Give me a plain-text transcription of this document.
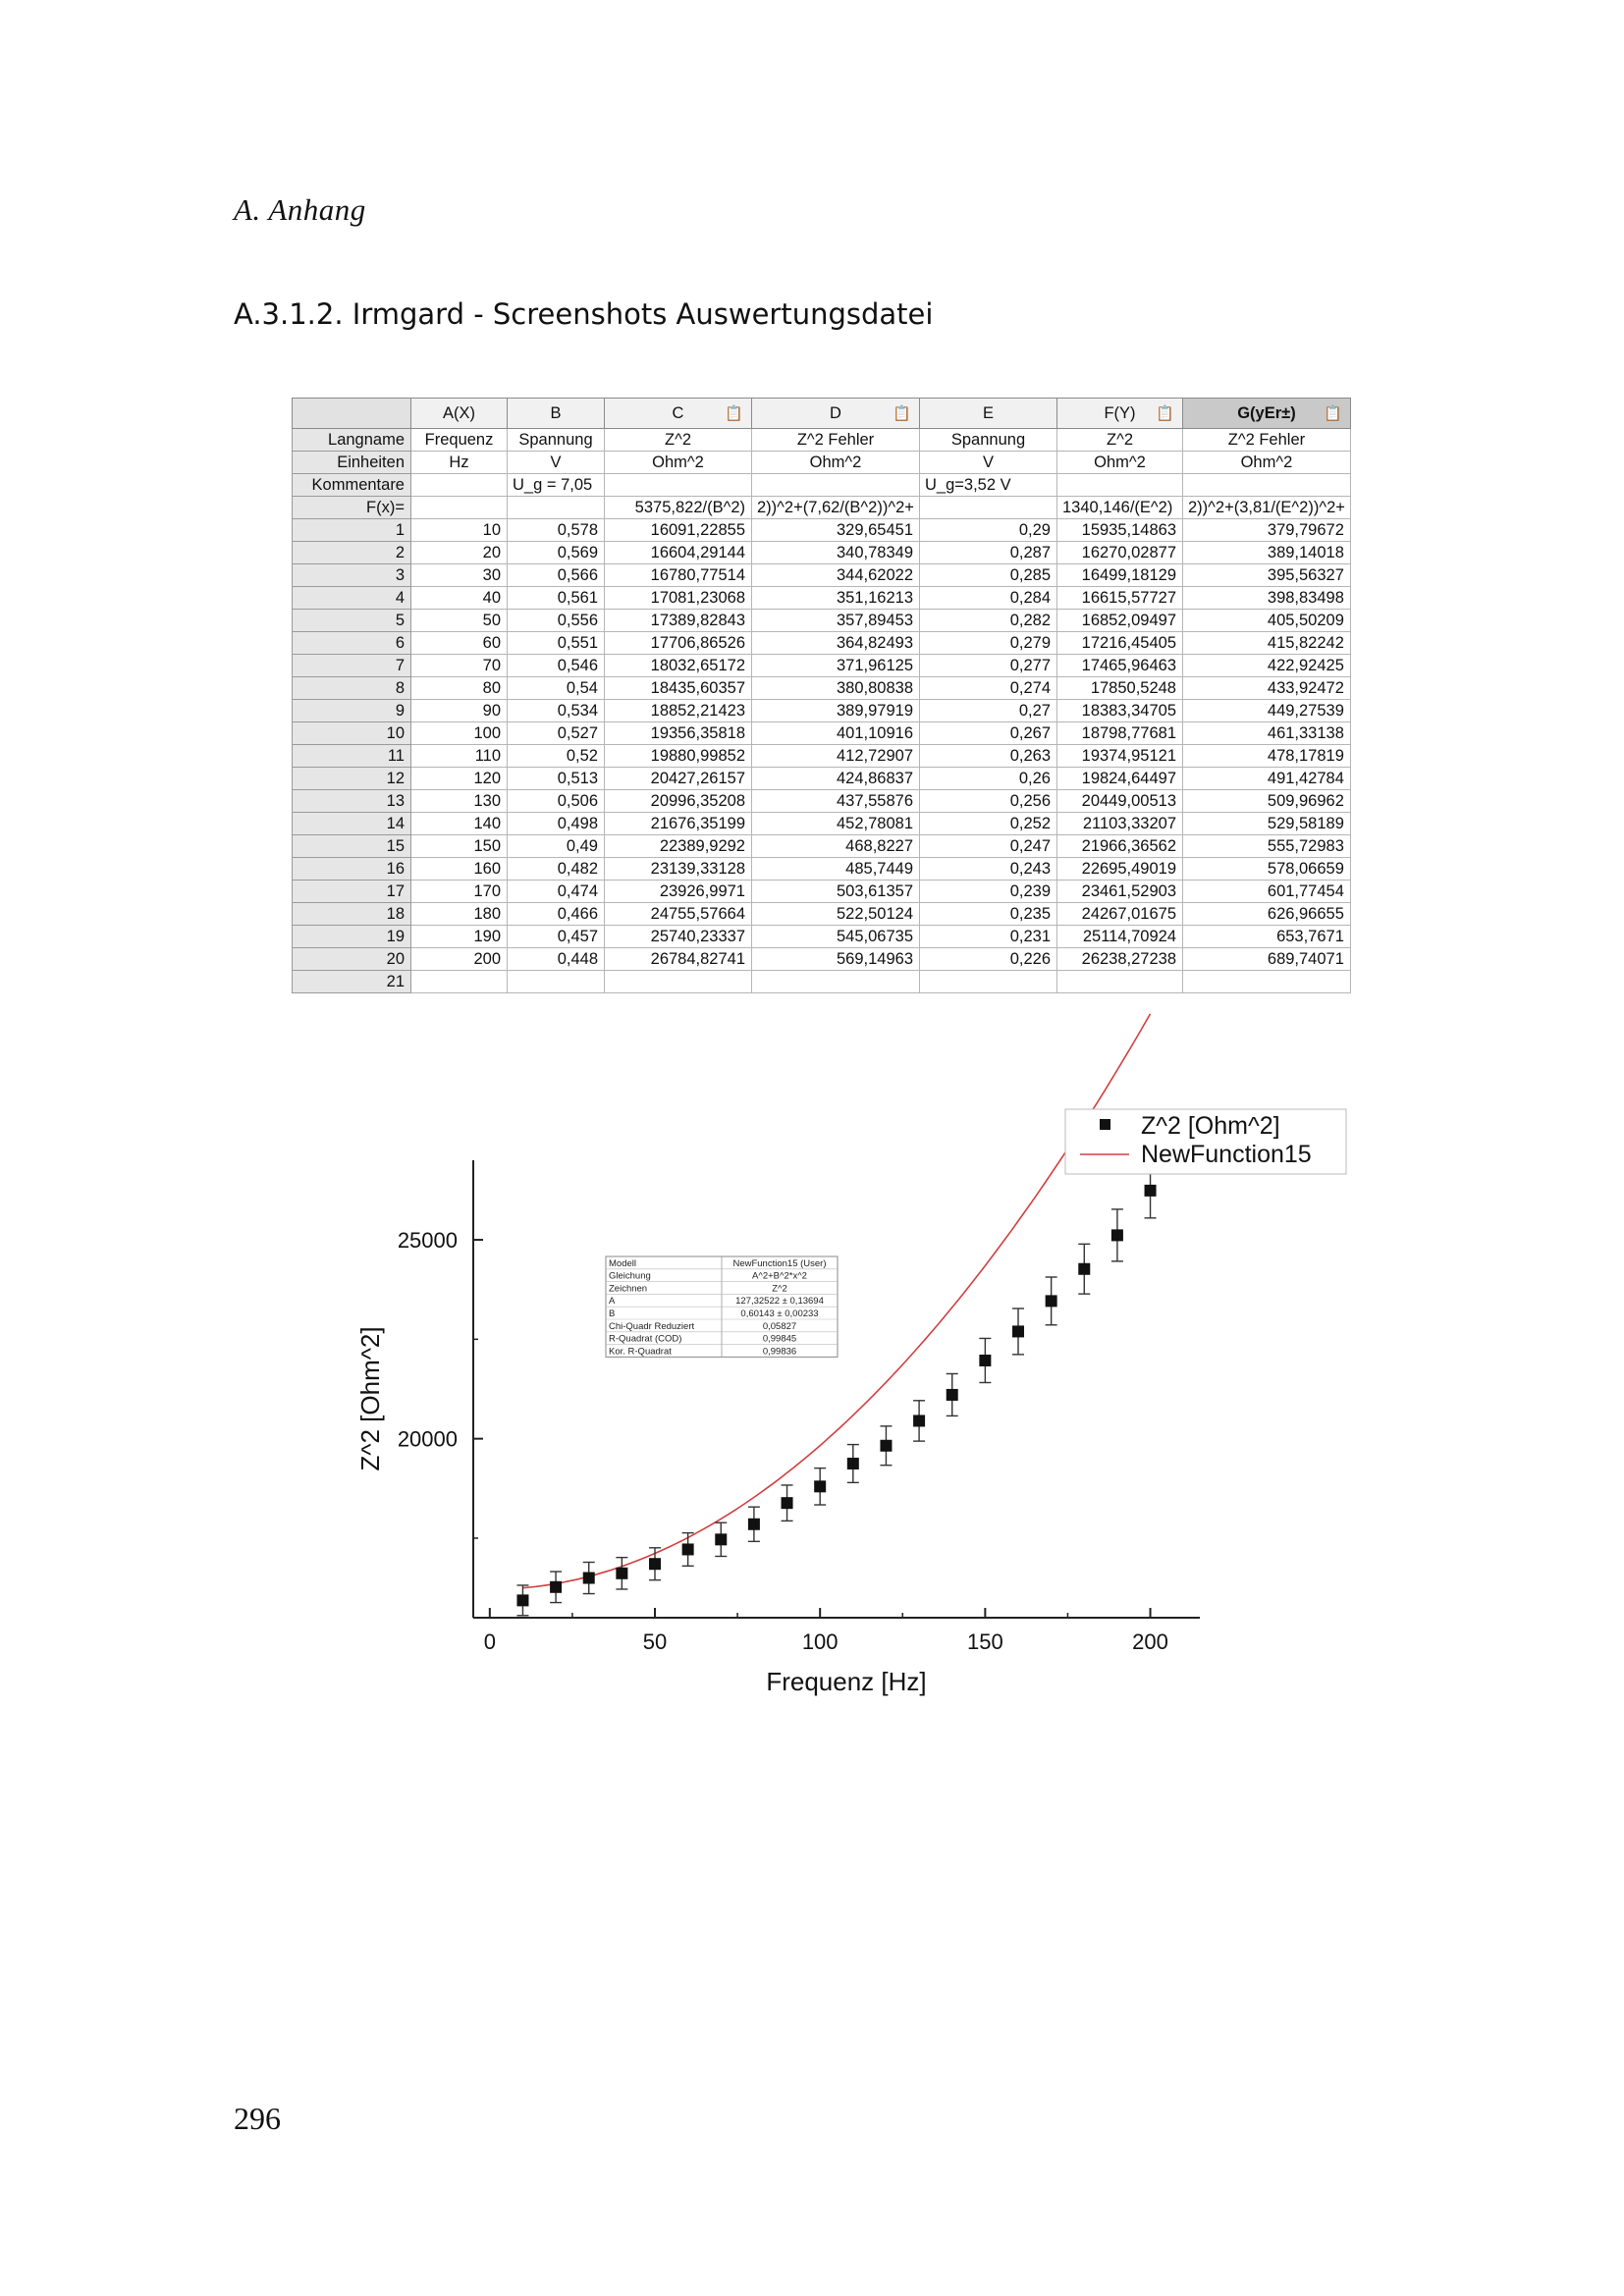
A. Anhang
A.3.1.2. Irmgard - Screenshots Auswertungsdatei
	A(X)	B	C 📋	D 📋	E	F(Y) 📋	G(yEr±) 📋

Langname	Frequenz	Spannung	Z^2	Z^2 Fehler	Spannung	Z^2	Z^2 Fehler
Einheiten	Hz	V	Ohm^2	Ohm^2	V	Ohm^2	Ohm^2
Kommentare		U_g = 7,05			U_g=3,52 V		
F(x)=			5375,822/(B^2)	2))^2+(7,62/(B^2))^2+		1340,146/(E^2)	2))^2+(3,81/(E^2))^2+
1	10	0,578	16091,22855	329,65451	0,29	15935,14863	379,79672
2	20	0,569	16604,29144	340,78349	0,287	16270,02877	389,14018
3	30	0,566	16780,77514	344,62022	0,285	16499,18129	395,56327
4	40	0,561	17081,23068	351,16213	0,284	16615,57727	398,83498
5	50	0,556	17389,82843	357,89453	0,282	16852,09497	405,50209
6	60	0,551	17706,86526	364,82493	0,279	17216,45405	415,82242
7	70	0,546	18032,65172	371,96125	0,277	17465,96463	422,92425
8	80	0,54	18435,60357	380,80838	0,274	17850,5248	433,92472
9	90	0,534	18852,21423	389,97919	0,27	18383,34705	449,27539
10	100	0,527	19356,35818	401,10916	0,267	18798,77681	461,33138
11	110	0,52	19880,99852	412,72907	0,263	19374,95121	478,17819
12	120	0,513	20427,26157	424,86837	0,26	19824,64497	491,42784
13	130	0,506	20996,35208	437,55876	0,256	20449,00513	509,96962
14	140	0,498	21676,35199	452,78081	0,252	21103,33207	529,58189
15	150	0,49	22389,9292	468,8227	0,247	21966,36562	555,72983
16	160	0,482	23139,33128	485,7449	0,243	22695,49019	578,06659
17	170	0,474	23926,9971	503,61357	0,239	23461,52903	601,77454
18	180	0,466	24755,57664	522,50124	0,235	24267,01675	626,96655
19	190	0,457	25740,23337	545,06735	0,231	25114,70924	653,7671
20	200	0,448	26784,82741	569,14963	0,226	26238,27238	689,74071
21							
0	50	100	150	200
20000
25000
Frequenz [Hz]
Z^2 [Ohm^2]
Z^2 [Ohm^2]
NewFunction15
Modell	NewFunction15 (User)
Gleichung	A^2+B^2*x^2
Zeichnen	Z^2
A	127,32522 ± 0,13694
B	0,60143 ± 0,00233
Chi-Quadr Reduziert	0,05827
R-Quadrat (COD)	0,99845
Kor. R-Quadrat	0,99836
296
